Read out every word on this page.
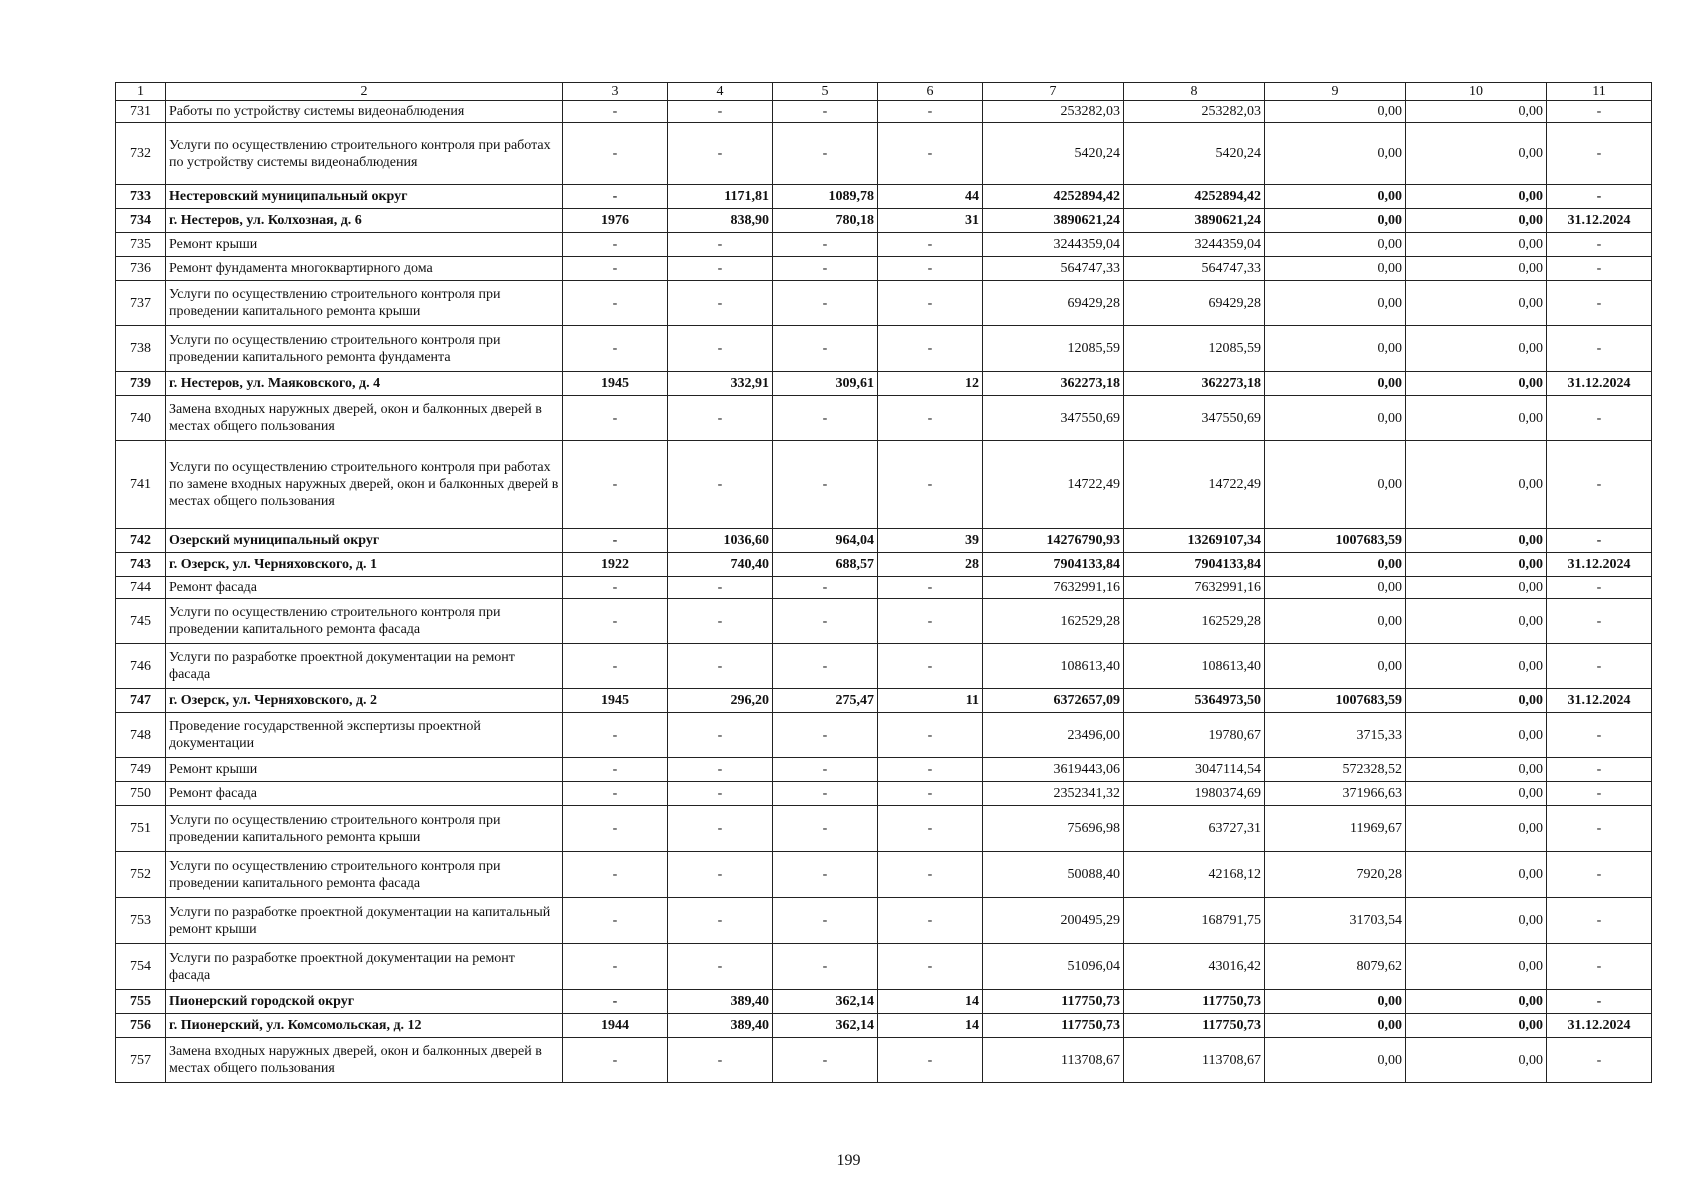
1	2	3	4	5	6	7	8	9	10	11
731	Работы по устройству системы видеонаблюдения	-	-	-	-	253282,03	253282,03	0,00	0,00	-
732	Услуги по осуществлению строительного контроля при работах по устройству системы видеонаблюдения	-	-	-	-	5420,24	5420,24	0,00	0,00	-
733	Нестеровский муниципальный округ	-	1171,81	1089,78	44	4252894,42	4252894,42	0,00	0,00	-
734	г. Нестеров, ул. Колхозная, д. 6	1976	838,90	780,18	31	3890621,24	3890621,24	0,00	0,00	31.12.2024
735	Ремонт крыши	-	-	-	-	3244359,04	3244359,04	0,00	0,00	-
736	Ремонт фундамента многоквартирного дома	-	-	-	-	564747,33	564747,33	0,00	0,00	-
737	Услуги по осуществлению строительного контроля при проведении капитального ремонта крыши	-	-	-	-	69429,28	69429,28	0,00	0,00	-
738	Услуги по осуществлению строительного контроля при проведении капитального ремонта фундамента	-	-	-	-	12085,59	12085,59	0,00	0,00	-
739	г. Нестеров, ул. Маяковского, д. 4	1945	332,91	309,61	12	362273,18	362273,18	0,00	0,00	31.12.2024
740	Замена входных наружных дверей, окон и балконных дверей в местах общего пользования	-	-	-	-	347550,69	347550,69	0,00	0,00	-
741	Услуги по осуществлению строительного контроля при работах по замене входных наружных дверей, окон и балконных дверей в местах общего пользования	-	-	-	-	14722,49	14722,49	0,00	0,00	-
742	Озерский муниципальный округ	-	1036,60	964,04	39	14276790,93	13269107,34	1007683,59	0,00	-
743	г. Озерск, ул. Черняховского, д. 1	1922	740,40	688,57	28	7904133,84	7904133,84	0,00	0,00	31.12.2024
744	Ремонт фасада	-	-	-	-	7632991,16	7632991,16	0,00	0,00	-
745	Услуги по осуществлению строительного контроля при проведении капитального ремонта фасада	-	-	-	-	162529,28	162529,28	0,00	0,00	-
746	Услуги по разработке проектной документации на ремонт фасада	-	-	-	-	108613,40	108613,40	0,00	0,00	-
747	г. Озерск, ул. Черняховского, д. 2	1945	296,20	275,47	11	6372657,09	5364973,50	1007683,59	0,00	31.12.2024
748	Проведение государственной экспертизы проектной документации	-	-	-	-	23496,00	19780,67	3715,33	0,00	-
749	Ремонт крыши	-	-	-	-	3619443,06	3047114,54	572328,52	0,00	-
750	Ремонт фасада	-	-	-	-	2352341,32	1980374,69	371966,63	0,00	-
751	Услуги по осуществлению строительного контроля при проведении капитального ремонта крыши	-	-	-	-	75696,98	63727,31	11969,67	0,00	-
752	Услуги по осуществлению строительного контроля при проведении капитального ремонта фасада	-	-	-	-	50088,40	42168,12	7920,28	0,00	-
753	Услуги по разработке проектной документации на капитальный ремонт крыши	-	-	-	-	200495,29	168791,75	31703,54	0,00	-
754	Услуги по разработке проектной документации на ремонт фасада	-	-	-	-	51096,04	43016,42	8079,62	0,00	-
755	Пионерский городской округ	-	389,40	362,14	14	117750,73	117750,73	0,00	0,00	-
756	г. Пионерский, ул. Комсомольская, д. 12	1944	389,40	362,14	14	117750,73	117750,73	0,00	0,00	31.12.2024
757	Замена входных наружных дверей, окон и балконных дверей в местах общего пользования	-	-	-	-	113708,67	113708,67	0,00	0,00	-
199
